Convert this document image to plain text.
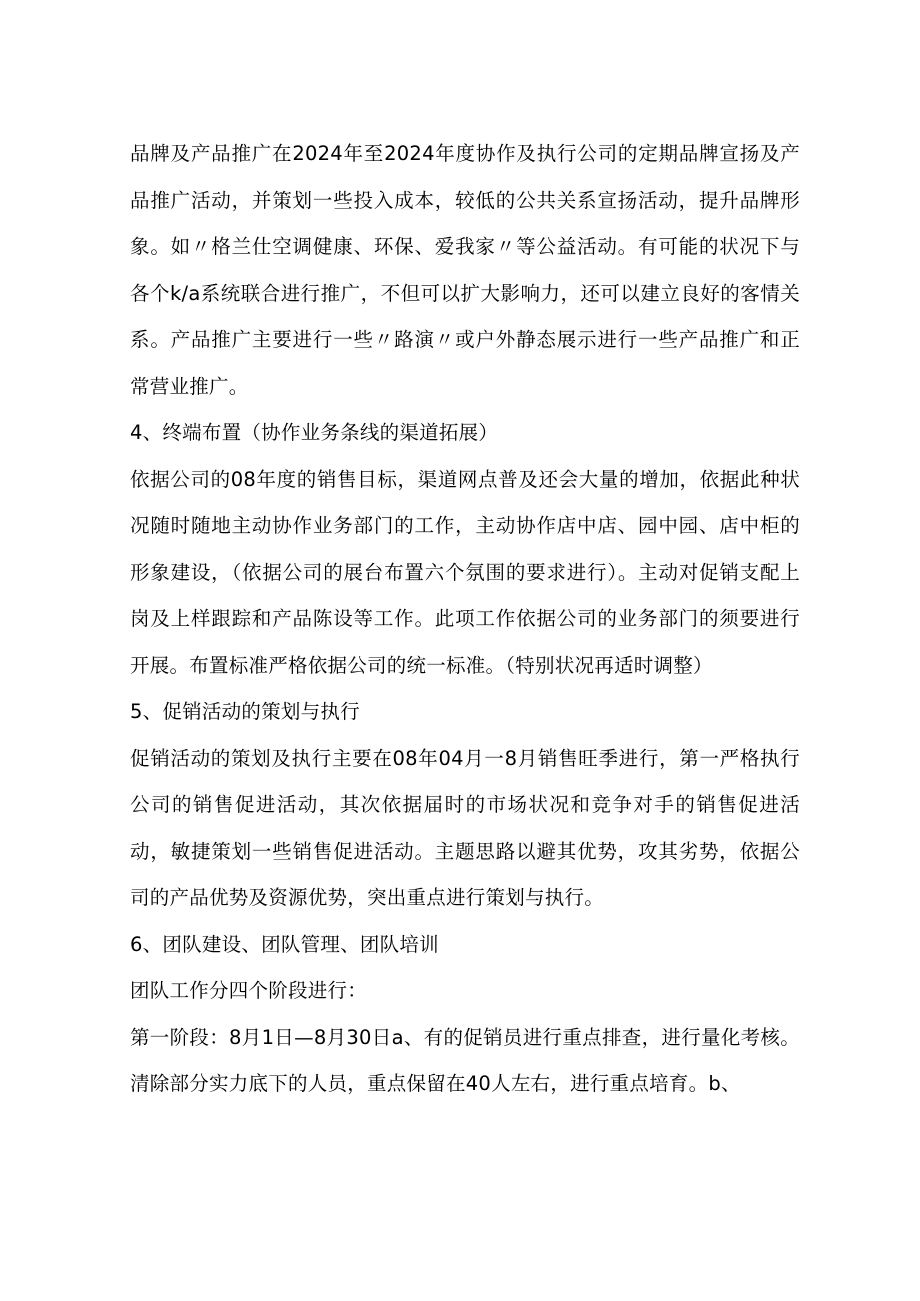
品牌及产品推广在2024年至2024年度协作及执行公司的定期品牌宣扬及产品推广活动，并策划一些投入成本，较低的公共关系宣扬活动，提升品牌形象。如〃格兰仕空调健康、环保、爱我家〃等公益活动。有可能的状况下与各个k/a系统联合进行推广，不但可以扩大影响力，还可以建立良好的客情关系。产品推广主要进行一些〃路演〃或户外静态展示进行一些产品推广和正常营业推广。

4、终端布置（协作业务条线的渠道拓展）

依据公司的08年度的销售目标，渠道网点普及还会大量的增加，依据此种状况随时随地主动协作业务部门的工作，主动协作店中店、园中园、店中柜的形象建设，（依据公司的展台布置六个氛围的要求进行）。主动对促销支配上岗及上样跟踪和产品陈设等工作。此项工作依据公司的业务部门的须要进行开展。布置标准严格依据公司的统一标准。（特别状况再适时调整）

5、促销活动的策划与执行

促销活动的策划及执行主要在08年04月一8月销售旺季进行，第一严格执行公司的销售促进活动，其次依据届时的市场状况和竞争对手的销售促进活动，敏捷策划一些销售促进活动。主题思路以避其优势，攻其劣势，依据公司的产品优势及资源优势，突出重点进行策划与执行。

6、团队建设、团队管理、团队培训

团队工作分四个阶段进行：

第一阶段：8月1日—8月30日a、有的促销员进行重点排查，进行量化考核。清除部分实力底下的人员，重点保留在40人左右，进行重点培育。b、
